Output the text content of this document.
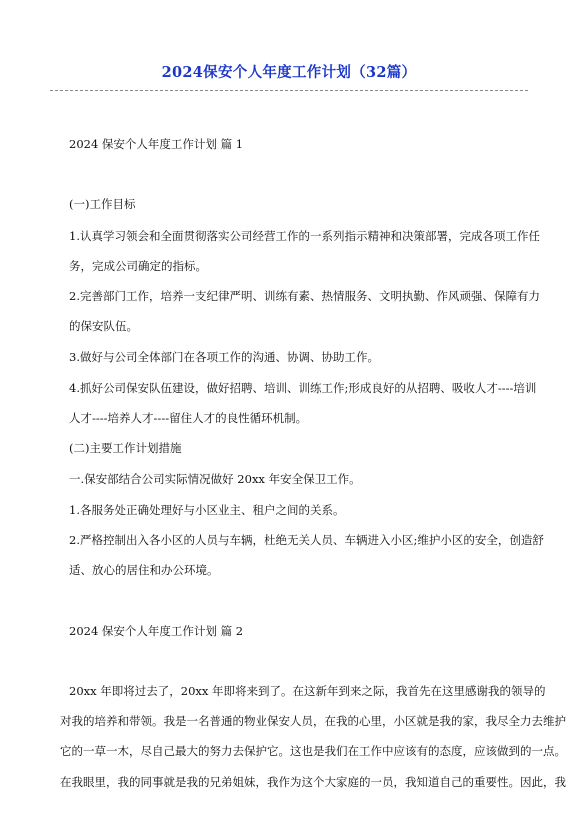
2024保安个人年度工作计划（32篇）
2024 保安个人年度工作计划 篇 1
(一)工作目标
1.认真学习领会和全面贯彻落实公司经营工作的一系列指示精神和决策部署，完成各项工作任
务，完成公司确定的指标。
2.完善部门工作，培养一支纪律严明、训练有素、热情服务、文明执勤、作风顽强、保障有力
的保安队伍。
3.做好与公司全体部门在各项工作的沟通、协调、协助工作。
4.抓好公司保安队伍建设，做好招聘、培训、训练工作;形成良好的从招聘、吸收人才----培训
人才----培养人才----留住人才的良性循环机制。
(二)主要工作计划措施
一.保安部结合公司实际情况做好 20xx 年安全保卫工作。
1.各服务处正确处理好与小区业主、租户之间的关系。
2.严格控制出入各小区的人员与车辆，杜绝无关人员、车辆进入小区;维护小区的安全，创造舒
适、放心的居住和办公环境。
2024 保安个人年度工作计划 篇 2
20xx 年即将过去了，20xx 年即将来到了。在这新年到来之际，我首先在这里感谢我的领导的
对我的培养和带领。我是一名普通的物业保安人员，在我的心里，小区就是我的家，我尽全力去维护
它的一草一木，尽自己最大的努力去保护它。这也是我们在工作中应该有的态度，应该做到的一点。
在我眼里，我的同事就是我的兄弟姐妹，我作为这个大家庭的一员，我知道自己的重要性。因此，我
